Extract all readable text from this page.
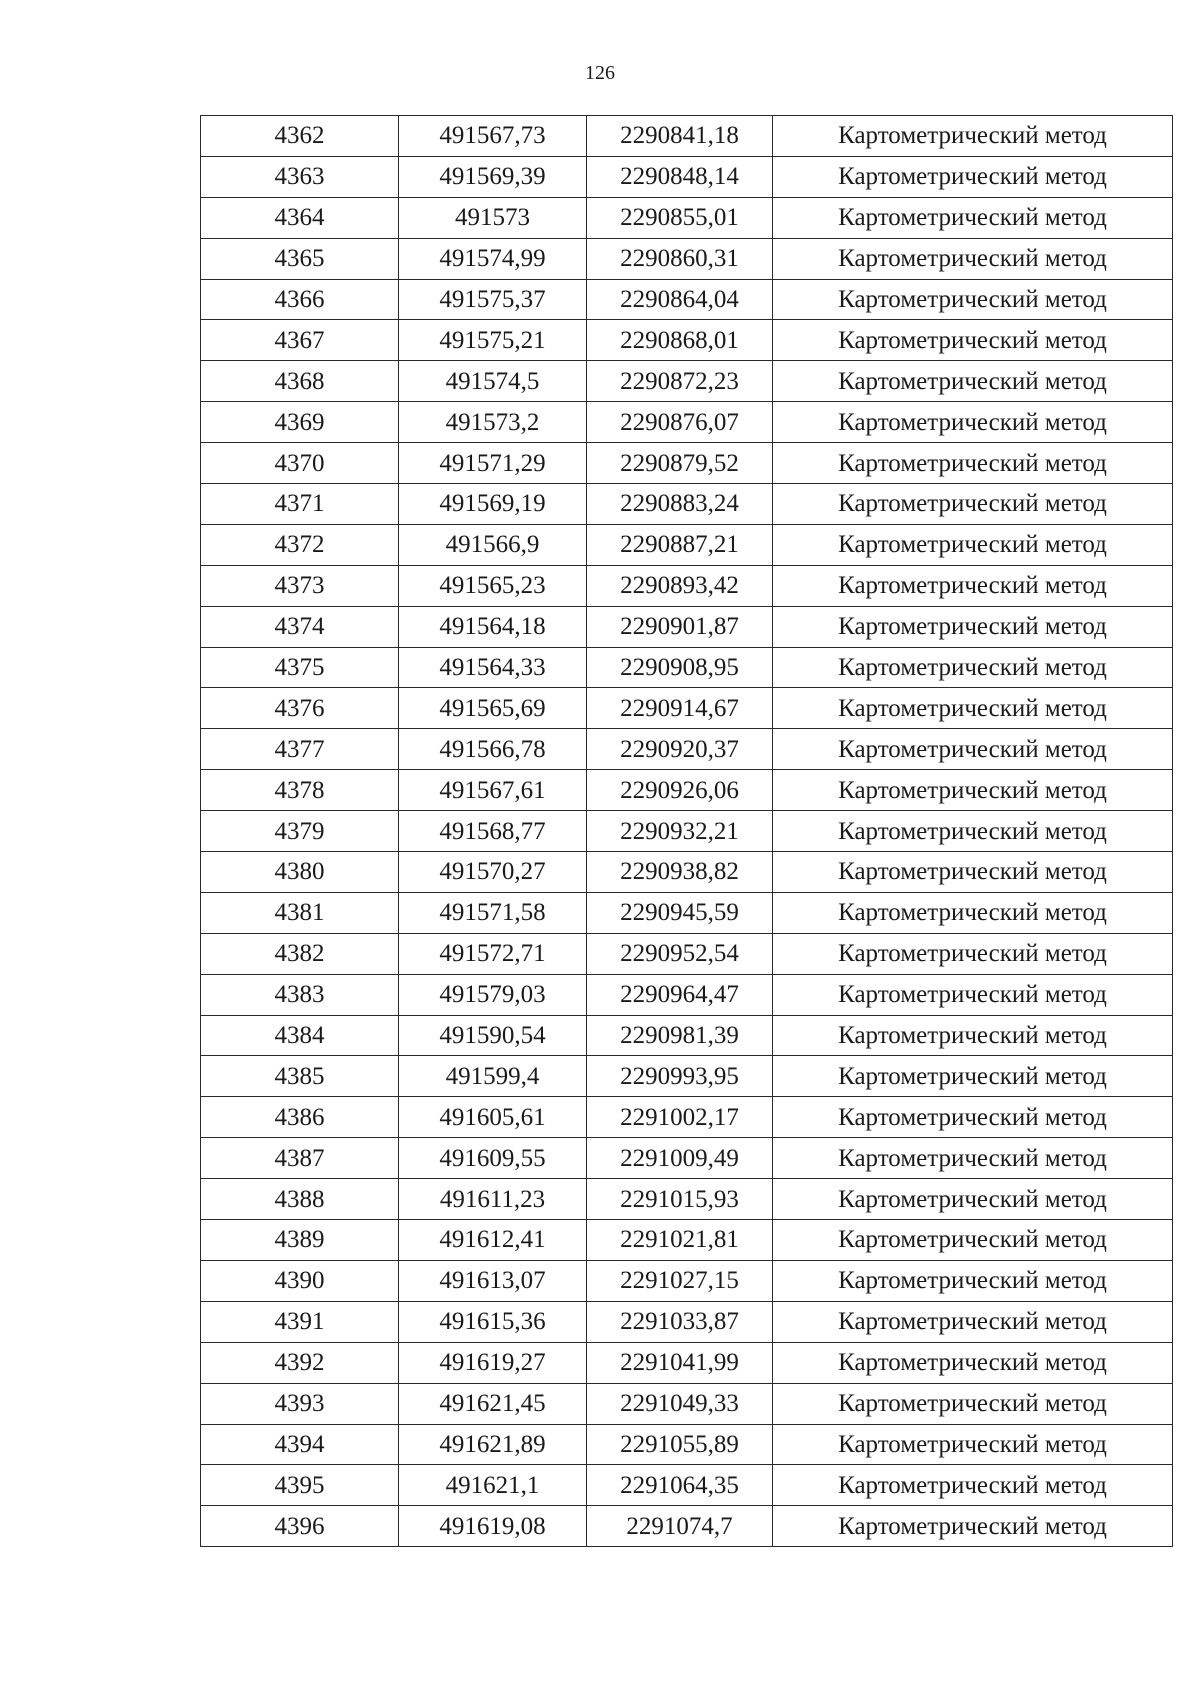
126
4362	491567,73	2290841,18	Картометрический метод
4363	491569,39	2290848,14	Картометрический метод
4364	491573	2290855,01	Картометрический метод
4365	491574,99	2290860,31	Картометрический метод
4366	491575,37	2290864,04	Картометрический метод
4367	491575,21	2290868,01	Картометрический метод
4368	491574,5	2290872,23	Картометрический метод
4369	491573,2	2290876,07	Картометрический метод
4370	491571,29	2290879,52	Картометрический метод
4371	491569,19	2290883,24	Картометрический метод
4372	491566,9	2290887,21	Картометрический метод
4373	491565,23	2290893,42	Картометрический метод
4374	491564,18	2290901,87	Картометрический метод
4375	491564,33	2290908,95	Картометрический метод
4376	491565,69	2290914,67	Картометрический метод
4377	491566,78	2290920,37	Картометрический метод
4378	491567,61	2290926,06	Картометрический метод
4379	491568,77	2290932,21	Картометрический метод
4380	491570,27	2290938,82	Картометрический метод
4381	491571,58	2290945,59	Картометрический метод
4382	491572,71	2290952,54	Картометрический метод
4383	491579,03	2290964,47	Картометрический метод
4384	491590,54	2290981,39	Картометрический метод
4385	491599,4	2290993,95	Картометрический метод
4386	491605,61	2291002,17	Картометрический метод
4387	491609,55	2291009,49	Картометрический метод
4388	491611,23	2291015,93	Картометрический метод
4389	491612,41	2291021,81	Картометрический метод
4390	491613,07	2291027,15	Картометрический метод
4391	491615,36	2291033,87	Картометрический метод
4392	491619,27	2291041,99	Картометрический метод
4393	491621,45	2291049,33	Картометрический метод
4394	491621,89	2291055,89	Картометрический метод
4395	491621,1	2291064,35	Картометрический метод
4396	491619,08	2291074,7	Картометрический метод
